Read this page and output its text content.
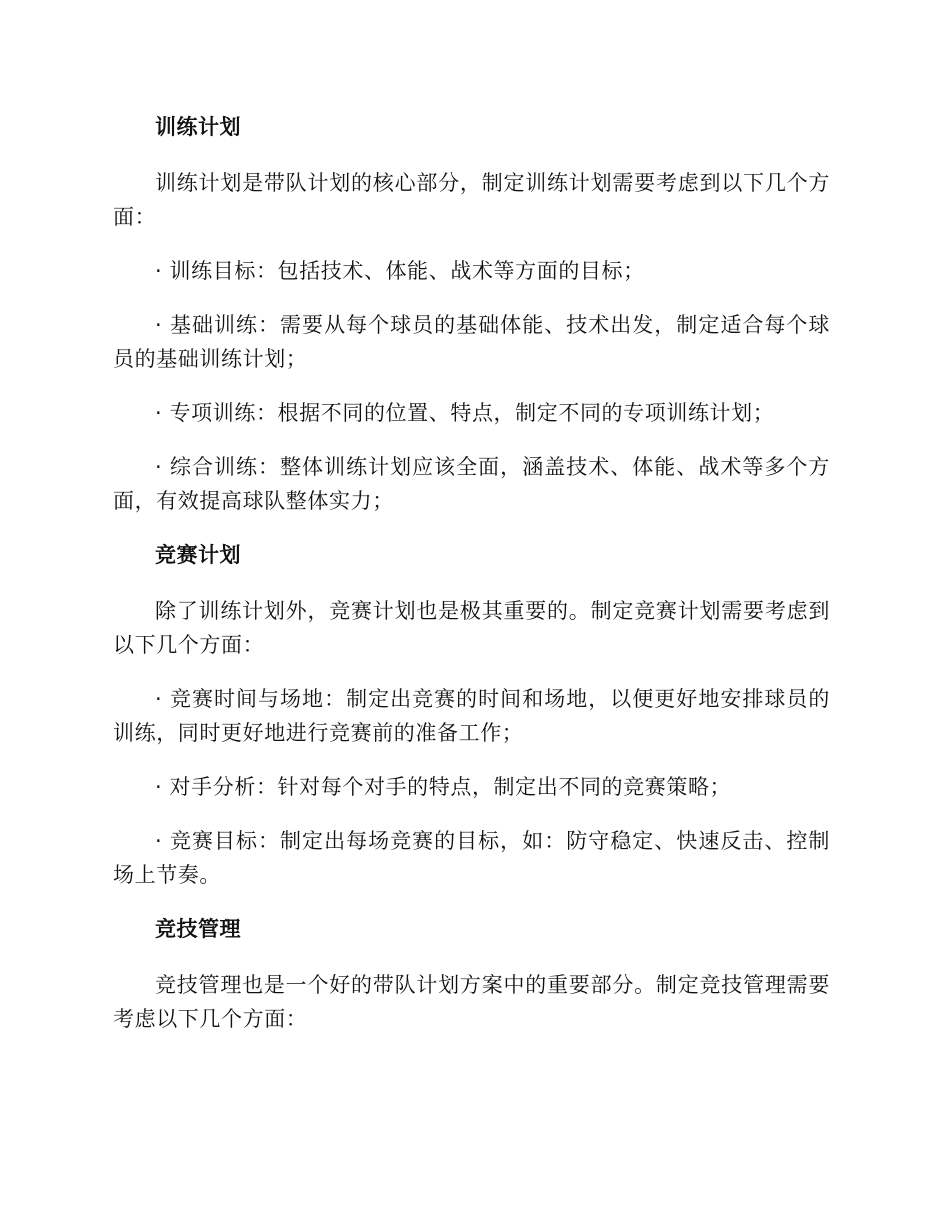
训练计划

训练计划是带队计划的核心部分，制定训练计划需要考虑到以下几个方面：

· 训练目标：包括技术、体能、战术等方面的目标；

· 基础训练：需要从每个球员的基础体能、技术出发，制定适合每个球员的基础训练计划；

· 专项训练：根据不同的位置、特点，制定不同的专项训练计划；

· 综合训练：整体训练计划应该全面，涵盖技术、体能、战术等多个方面，有效提高球队整体实力；

竞赛计划

除了训练计划外，竞赛计划也是极其重要的。制定竞赛计划需要考虑到以下几个方面：

· 竞赛时间与场地：制定出竞赛的时间和场地，以便更好地安排球员的训练，同时更好地进行竞赛前的准备工作；

· 对手分析：针对每个对手的特点，制定出不同的竞赛策略；

· 竞赛目标：制定出每场竞赛的目标，如：防守稳定、快速反击、控制场上节奏。

竞技管理

竞技管理也是一个好的带队计划方案中的重要部分。制定竞技管理需要考虑以下几个方面：
